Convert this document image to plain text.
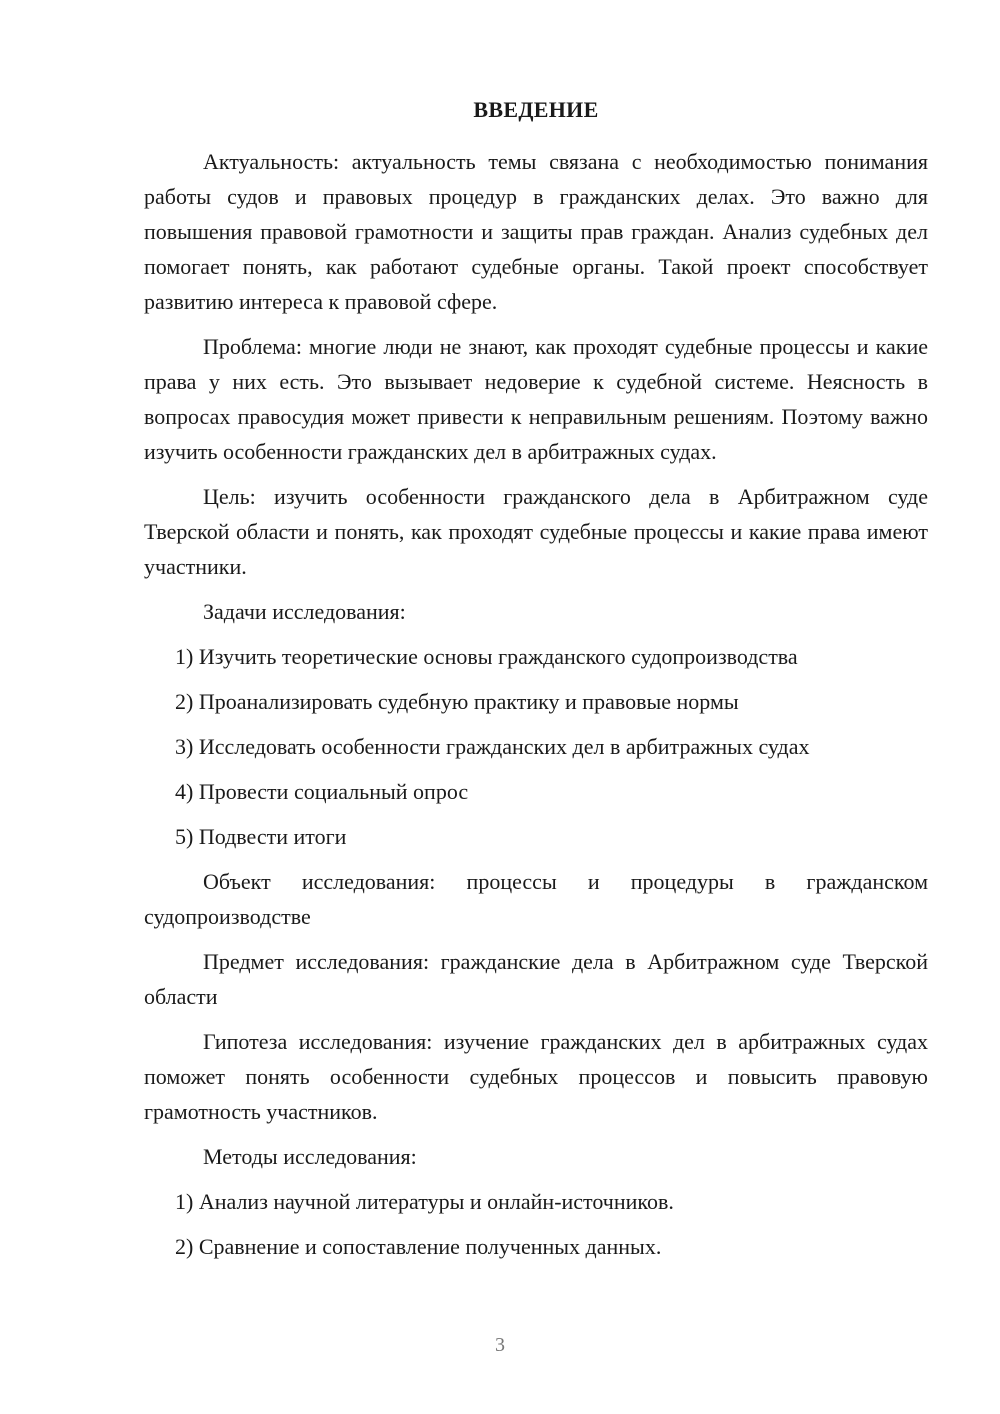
ВВЕДЕНИЕ

Актуальность: актуальность темы связана с необходимостью понимания работы судов и правовых процедур в гражданских делах. Это важно для повышения правовой грамотности и защиты прав граждан. Анализ судебных дел помогает понять, как работают судебные органы. Такой проект способствует развитию интереса к правовой сфере.

Проблема: многие люди не знают, как проходят судебные процессы и какие права у них есть. Это вызывает недоверие к судебной системе. Неясность в вопросах правосудия может привести к неправильным решениям. Поэтому важно изучить особенности гражданских дел в арбитражных судах.

Цель: изучить особенности гражданского дела в Арбитражном суде Тверской области и понять, как проходят судебные процессы и какие права имеют участники.

Задачи исследования:

1) Изучить теоретические основы гражданского судопроизводства

2) Проанализировать судебную практику и правовые нормы

3) Исследовать особенности гражданских дел в арбитражных судах

4) Провести социальный опрос

5) Подвести итоги

Объект исследования: процессы и процедуры в гражданском судопроизводстве

Предмет исследования: гражданские дела в Арбитражном суде Тверской области

Гипотеза исследования: изучение гражданских дел в арбитражных судах поможет понять особенности судебных процессов и повысить правовую грамотность участников.

Методы исследования:

1) Анализ научной литературы и онлайн-источников.

2) Сравнение и сопоставление полученных данных.

3
